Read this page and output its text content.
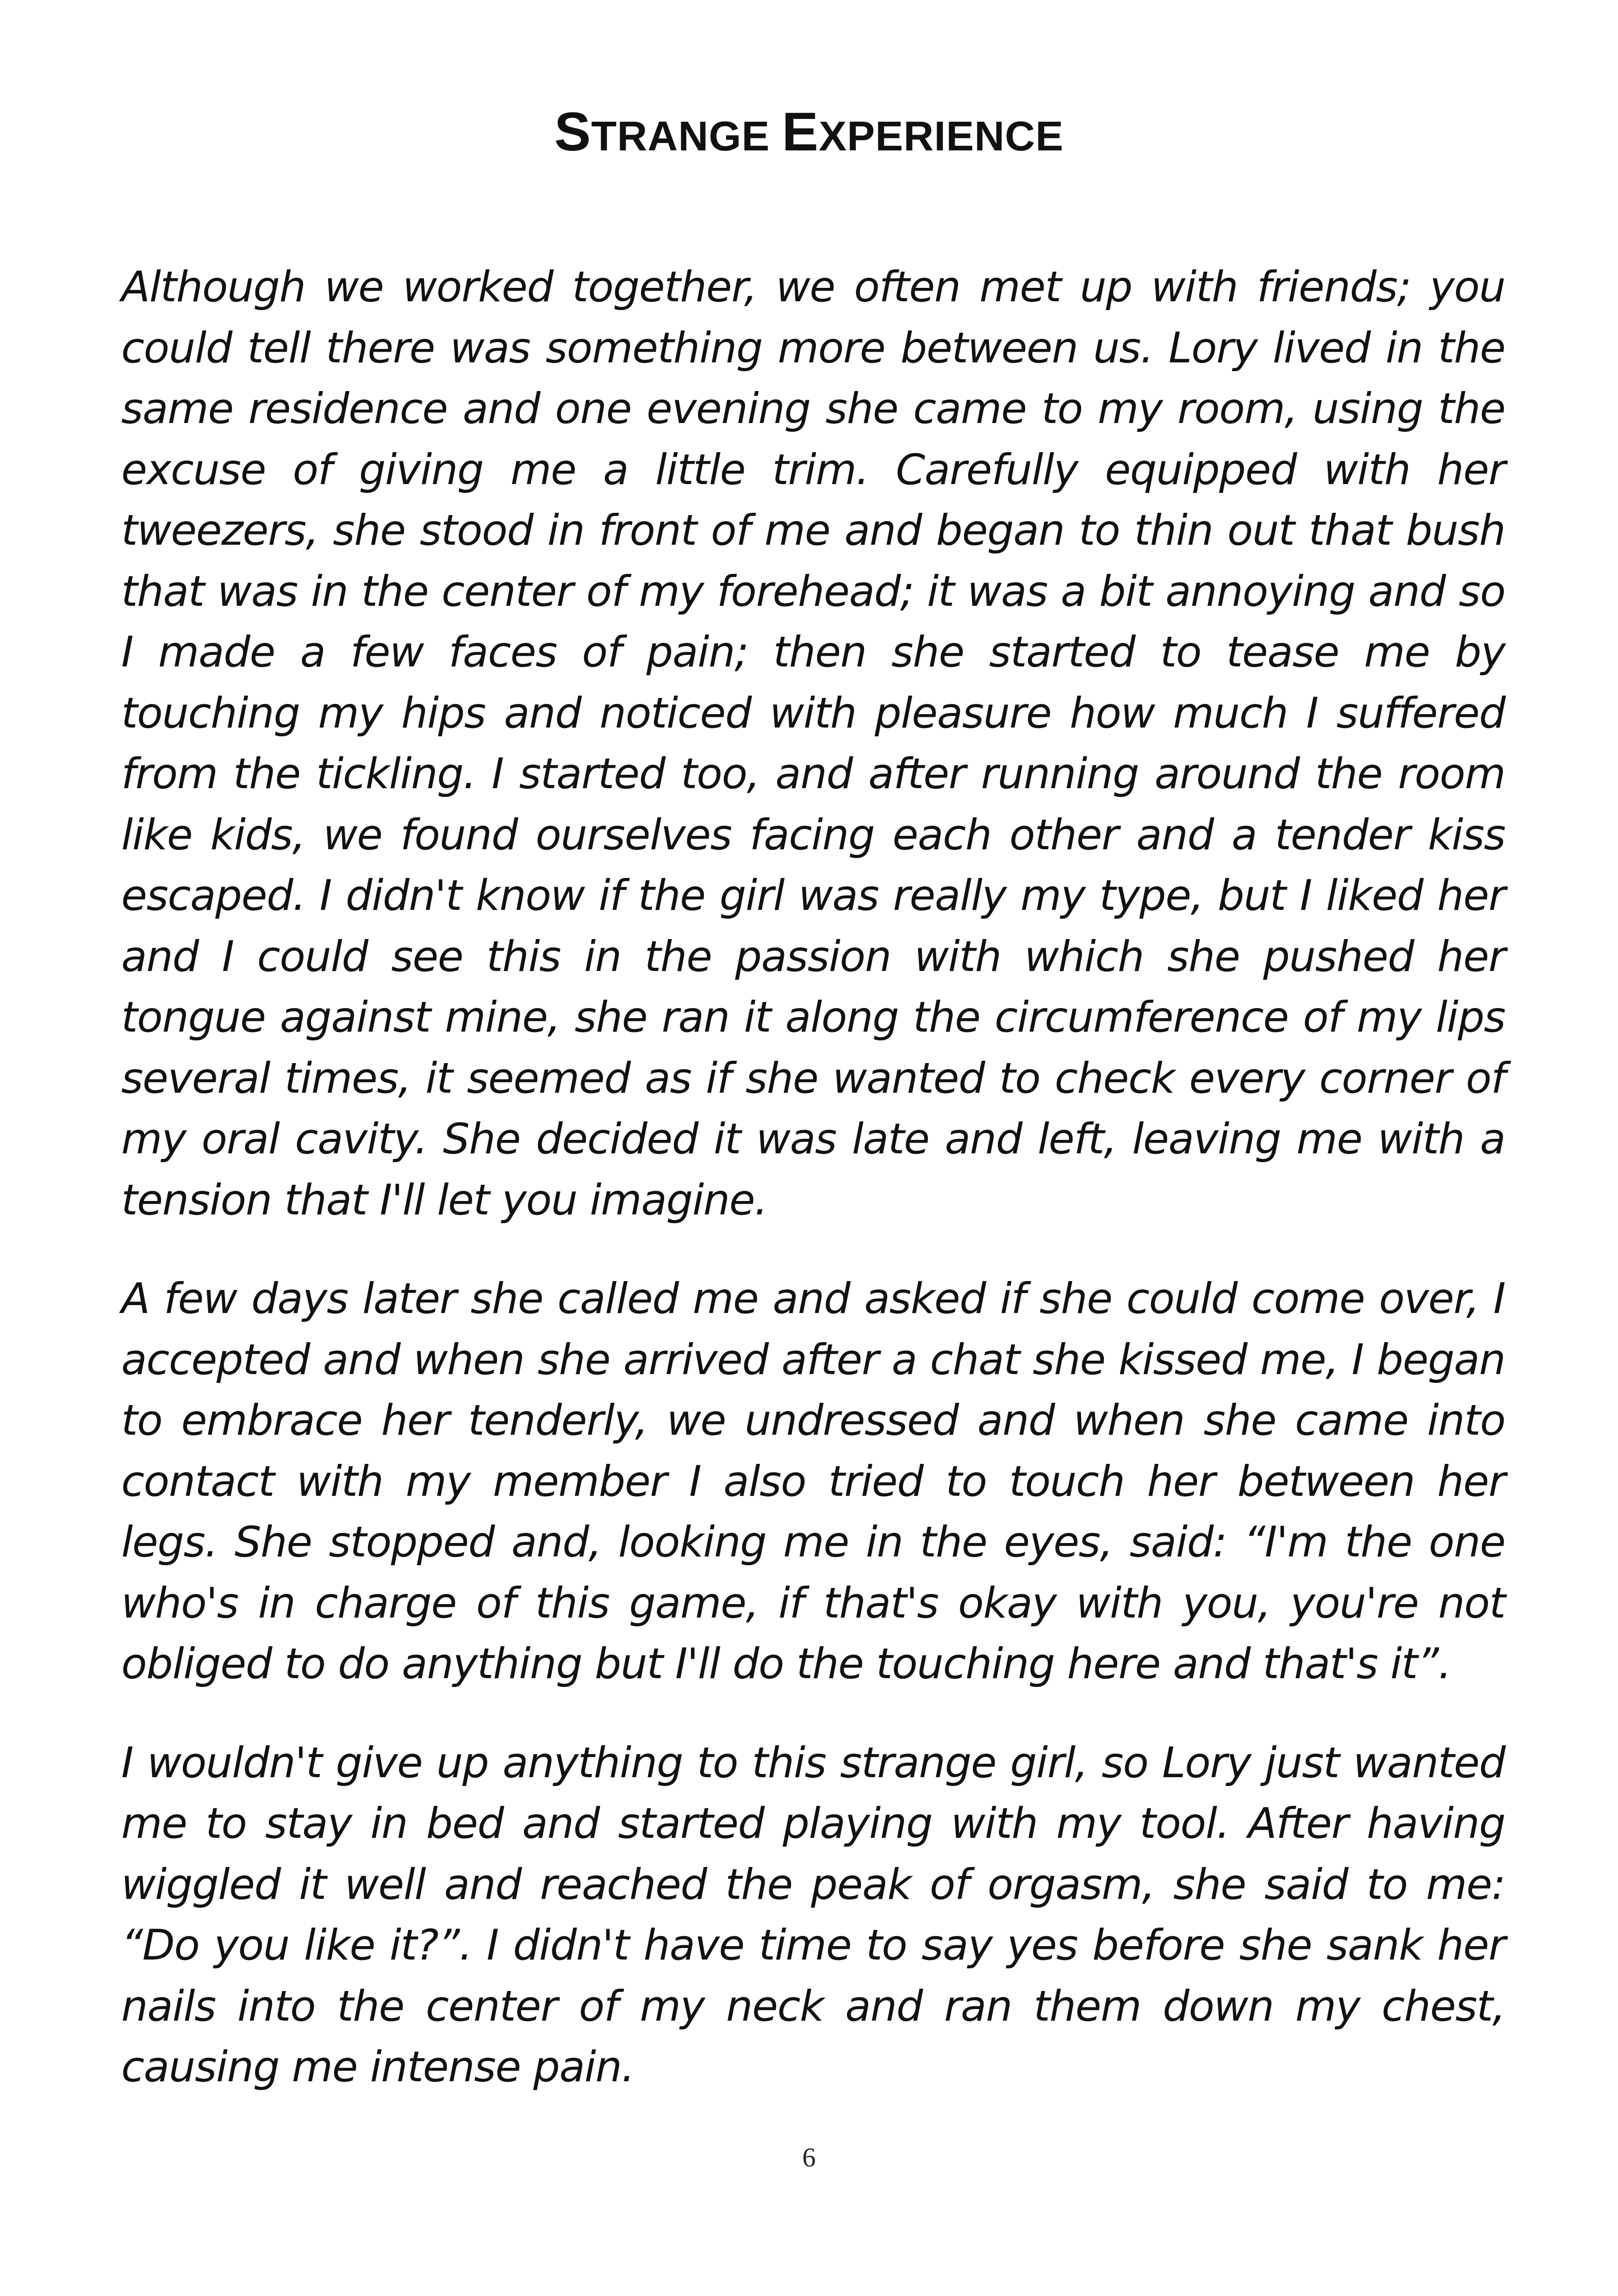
STRANGE EXPERIENCE

Although we worked together, we often met up with friends; you could tell there was something more between us. Lory lived in the same residence and one evening she came to my room, using the excuse of giving me a little trim. Carefully equipped with her tweezers, she stood in front of me and began to thin out that bush that was in the center of my forehead; it was a bit annoying and so I made a few faces of pain; then she started to tease me by touching my hips and noticed with pleasure how much I suffered from the tickling. I started too, and after running around the room like kids, we found ourselves facing each other and a tender kiss escaped. I didn't know if the girl was really my type, but I liked her and I could see this in the passion with which she pushed her tongue against mine, she ran it along the circumference of my lips several times, it seemed as if she wanted to check every corner of my oral cavity. She decided it was late and left, leaving me with a tension that I'll let you imagine.

A few days later she called me and asked if she could come over, I accepted and when she arrived after a chat she kissed me, I began to embrace her tenderly, we undressed and when she came into contact with my member I also tried to touch her between her legs. She stopped and, looking me in the eyes, said: “I'm the one who's in charge of this game, if that's okay with you, you're not obliged to do anything but I'll do the touching here and that's it”.

I wouldn't give up anything to this strange girl, so Lory just wanted me to stay in bed and started playing with my tool. After having wiggled it well and reached the peak of orgasm, she said to me: “Do you like it?”. I didn't have time to say yes before she sank her nails into the center of my neck and ran them down my chest, causing me intense pain.

6
